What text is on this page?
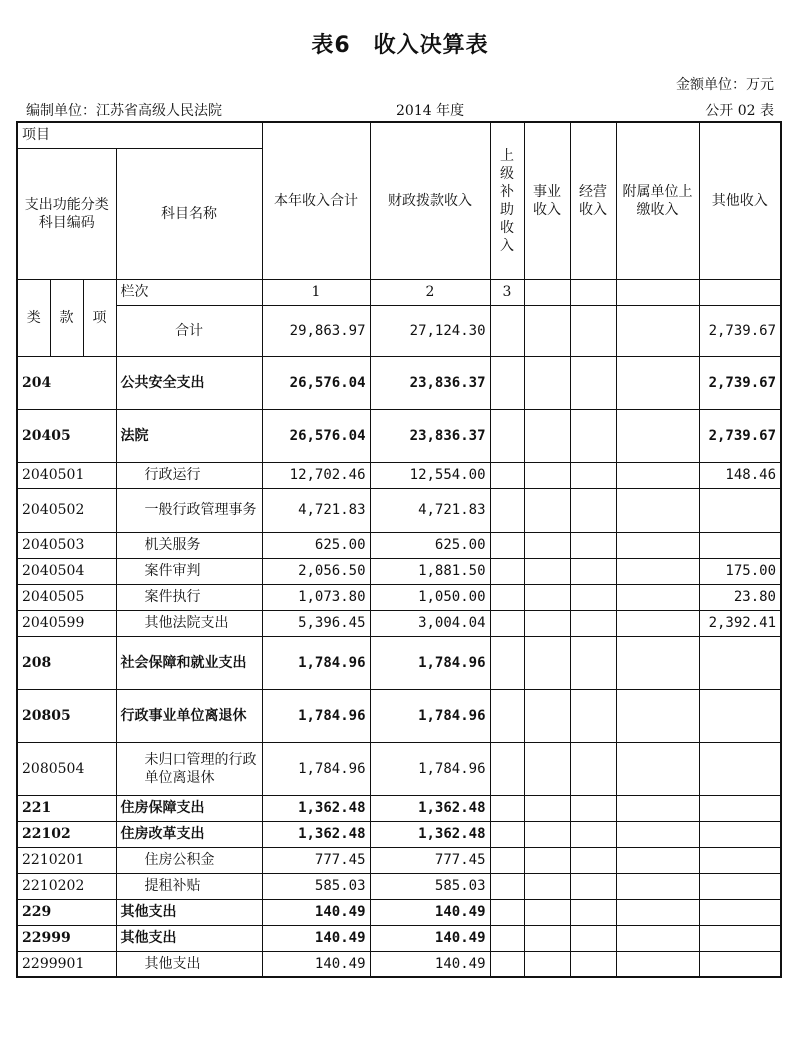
表6　收入决算表
金额单位：万元
编制单位：江苏省高级人民法院	2014 年度	公开 02 表
项目				本年收入合计	财政拨款收入	上级补助收入	事业收入	经营收入	附属单位上缴收入	其他收入
支出功能分类科目编码			科目名称							
类	款	项	栏次	1	2	3				
			合计	29,863.97	27,124.30					2,739.67
204			公共安全支出	26,576.04	23,836.37					2,739.67
20405			法院	26,576.04	23,836.37					2,739.67
2040501			行政运行	12,702.46	12,554.00					148.46
2040502			一般行政管理事务	4,721.83	4,721.83					
2040503			机关服务	625.00	625.00					
2040504			案件审判	2,056.50	1,881.50					175.00
2040505			案件执行	1,073.80	1,050.00					23.80
2040599			其他法院支出	5,396.45	3,004.04					2,392.41
208			社会保障和就业支出	1,784.96	1,784.96					
20805			行政事业单位离退休	1,784.96	1,784.96					
2080504			未归口管理的行政单位离退休	1,784.96	1,784.96					
221			住房保障支出	1,362.48	1,362.48					
22102			住房改革支出	1,362.48	1,362.48					
2210201			住房公积金	777.45	777.45					
2210202			提租补贴	585.03	585.03					
229			其他支出	140.49	140.49					
22999			其他支出	140.49	140.49					
2299901			其他支出	140.49	140.49					
